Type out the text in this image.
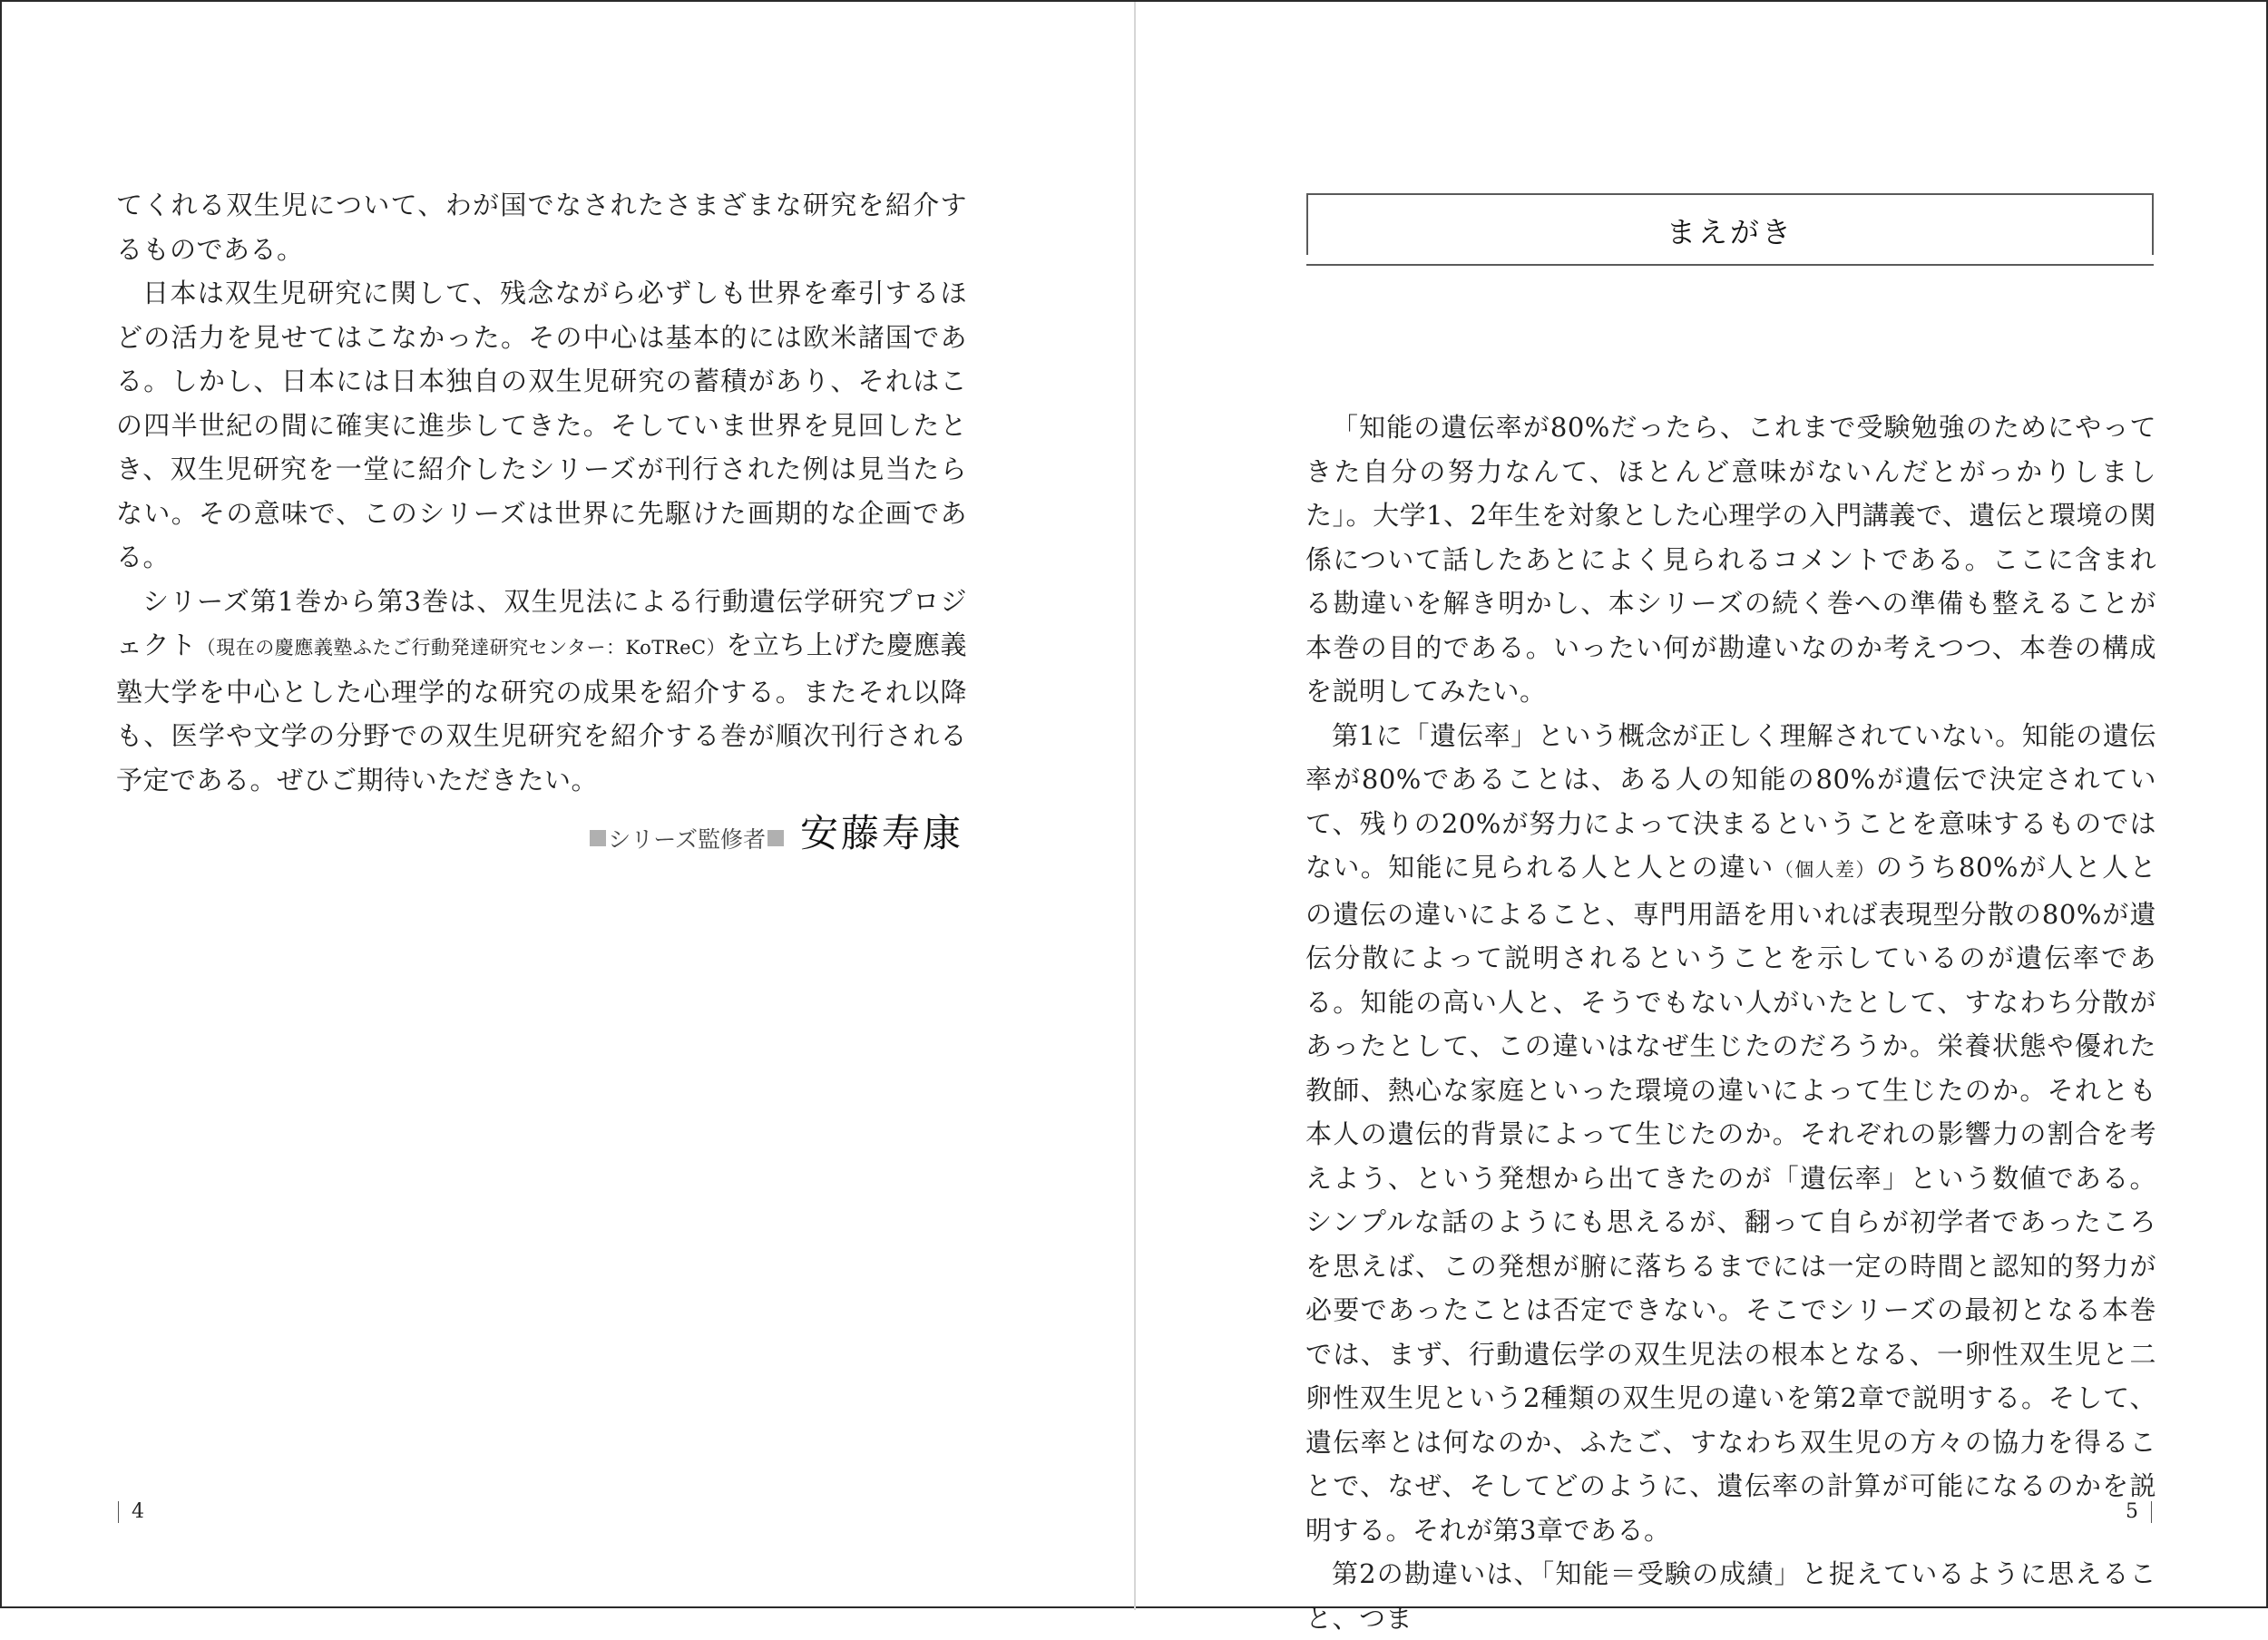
てくれる双生児について、わが国でなされたさまざまな研究を紹介するものである。

日本は双生児研究に関して、残念ながら必ずしも世界を牽引するほどの活力を見せてはこなかった。その中心は基本的には欧米諸国である。しかし、日本には日本独自の双生児研究の蓄積があり、それはこの四半世紀の間に確実に進歩してきた。そしていま世界を見回したとき、双生児研究を一堂に紹介したシリーズが刊行された例は見当たらない。その意味で、このシリーズは世界に先駆けた画期的な企画である。

シリーズ第1巻から第3巻は、双生児法による行動遺伝学研究プロジェクト（現在の慶應義塾ふたご行動発達研究センター：KoTReC）を立ち上げた慶應義塾大学を中心とした心理学的な研究の成果を紹介する。またそれ以降も、医学や文学の分野での双生児研究を紹介する巻が順次刊行される予定である。ぜひご期待いただきたい。

シリーズ監修者 安藤寿康
4
まえがき

「知能の遺伝率が80%だったら、これまで受験勉強のためにやってきた自分の努力なんて、ほとんど意味がないんだとがっかりしました」。大学1、2年生を対象とした心理学の入門講義で、遺伝と環境の関係について話したあとによく見られるコメントである。ここに含まれる勘違いを解き明かし、本シリーズの続く巻への準備も整えることが本巻の目的である。いったい何が勘違いなのか考えつつ、本巻の構成を説明してみたい。

第1に「遺伝率」という概念が正しく理解されていない。知能の遺伝率が80%であることは、ある人の知能の80%が遺伝で決定されていて、残りの20%が努力によって決まるということを意味するものではない。知能に見られる人と人との違い（個人差）のうち80%が人と人との遺伝の違いによること、専門用語を用いれば表現型分散の80%が遺伝分散によって説明されるということを示しているのが遺伝率である。知能の高い人と、そうでもない人がいたとして、すなわち分散があったとして、この違いはなぜ生じたのだろうか。栄養状態や優れた教師、熱心な家庭といった環境の違いによって生じたのか。それとも本人の遺伝的背景によって生じたのか。それぞれの影響力の割合を考えよう、という発想から出てきたのが「遺伝率」という数値である。シンプルな話のようにも思えるが、翻って自らが初学者であったころを思えば、この発想が腑に落ちるまでには一定の時間と認知的努力が必要であったことは否定できない。そこでシリーズの最初となる本巻では、まず、行動遺伝学の双生児法の根本となる、一卵性双生児と二卵性双生児という2種類の双生児の違いを第2章で説明する。そして、遺伝率とは何なのか、ふたご、すなわち双生児の方々の協力を得ることで、なぜ、そしてどのように、遺伝率の計算が可能になるのかを説明する。それが第3章である。

第2の勘違いは、「知能＝受験の成績」と捉えているように思えること、つま

5
